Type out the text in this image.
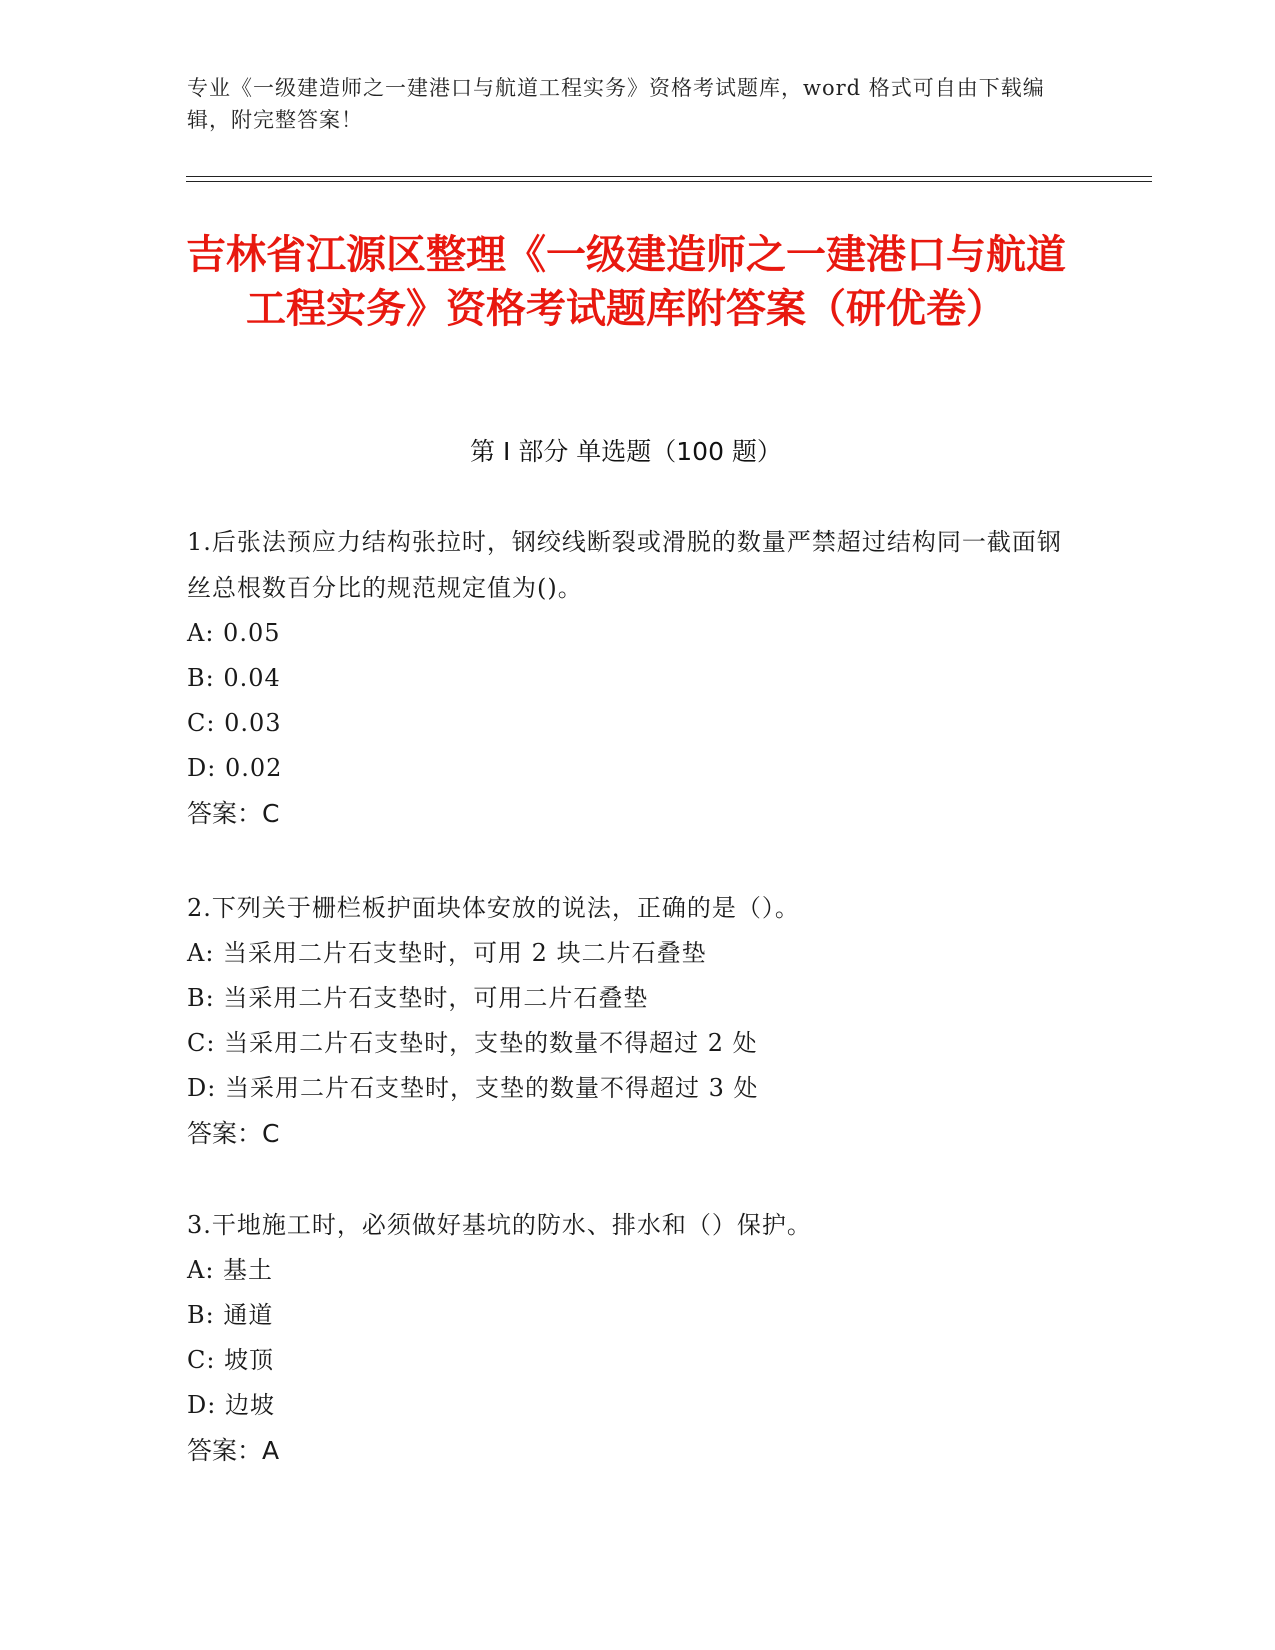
专业《一级建造师之一建港口与航道工程实务》资格考试题库，word 格式可自由下载编辑，附完整答案！
吉林省江源区整理《一级建造师之一建港口与航道工程实务》资格考试题库附答案（研优卷）
第 I 部分 单选题（100 题）
1.后张法预应力结构张拉时，钢绞线断裂或滑脱的数量严禁超过结构同一截面钢丝总根数百分比的规范规定值为()。
A: 0.05
B: 0.04
C: 0.03
D: 0.02
答案：C
2.下列关于栅栏板护面块体安放的说法，正确的是（）。
A: 当采用二片石支垫时，可用 2 块二片石叠垫
B: 当采用二片石支垫时，可用二片石叠垫
C: 当采用二片石支垫时，支垫的数量不得超过 2 处
D: 当采用二片石支垫时，支垫的数量不得超过 3 处
答案：C
3.干地施工时，必须做好基坑的防水、排水和（）保护。
A: 基土
B: 通道
C: 坡顶
D: 边坡
答案：A
